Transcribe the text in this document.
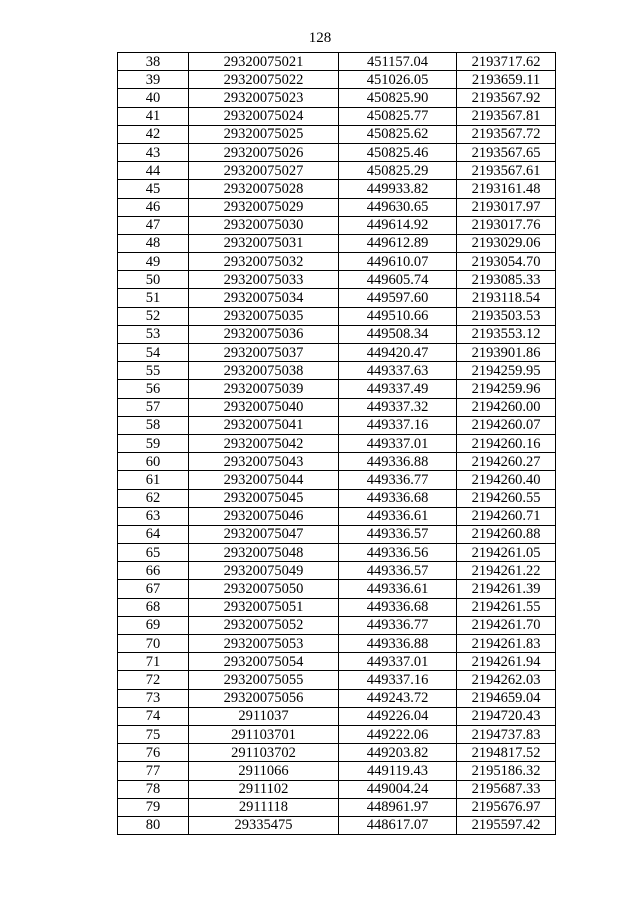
128
38	29320075021	451157.04	2193717.62
39	29320075022	451026.05	2193659.11
40	29320075023	450825.90	2193567.92
41	29320075024	450825.77	2193567.81
42	29320075025	450825.62	2193567.72
43	29320075026	450825.46	2193567.65
44	29320075027	450825.29	2193567.61
45	29320075028	449933.82	2193161.48
46	29320075029	449630.65	2193017.97
47	29320075030	449614.92	2193017.76
48	29320075031	449612.89	2193029.06
49	29320075032	449610.07	2193054.70
50	29320075033	449605.74	2193085.33
51	29320075034	449597.60	2193118.54
52	29320075035	449510.66	2193503.53
53	29320075036	449508.34	2193553.12
54	29320075037	449420.47	2193901.86
55	29320075038	449337.63	2194259.95
56	29320075039	449337.49	2194259.96
57	29320075040	449337.32	2194260.00
58	29320075041	449337.16	2194260.07
59	29320075042	449337.01	2194260.16
60	29320075043	449336.88	2194260.27
61	29320075044	449336.77	2194260.40
62	29320075045	449336.68	2194260.55
63	29320075046	449336.61	2194260.71
64	29320075047	449336.57	2194260.88
65	29320075048	449336.56	2194261.05
66	29320075049	449336.57	2194261.22
67	29320075050	449336.61	2194261.39
68	29320075051	449336.68	2194261.55
69	29320075052	449336.77	2194261.70
70	29320075053	449336.88	2194261.83
71	29320075054	449337.01	2194261.94
72	29320075055	449337.16	2194262.03
73	29320075056	449243.72	2194659.04
74	2911037	449226.04	2194720.43
75	291103701	449222.06	2194737.83
76	291103702	449203.82	2194817.52
77	2911066	449119.43	2195186.32
78	2911102	449004.24	2195687.33
79	2911118	448961.97	2195676.97
80	29335475	448617.07	2195597.42
